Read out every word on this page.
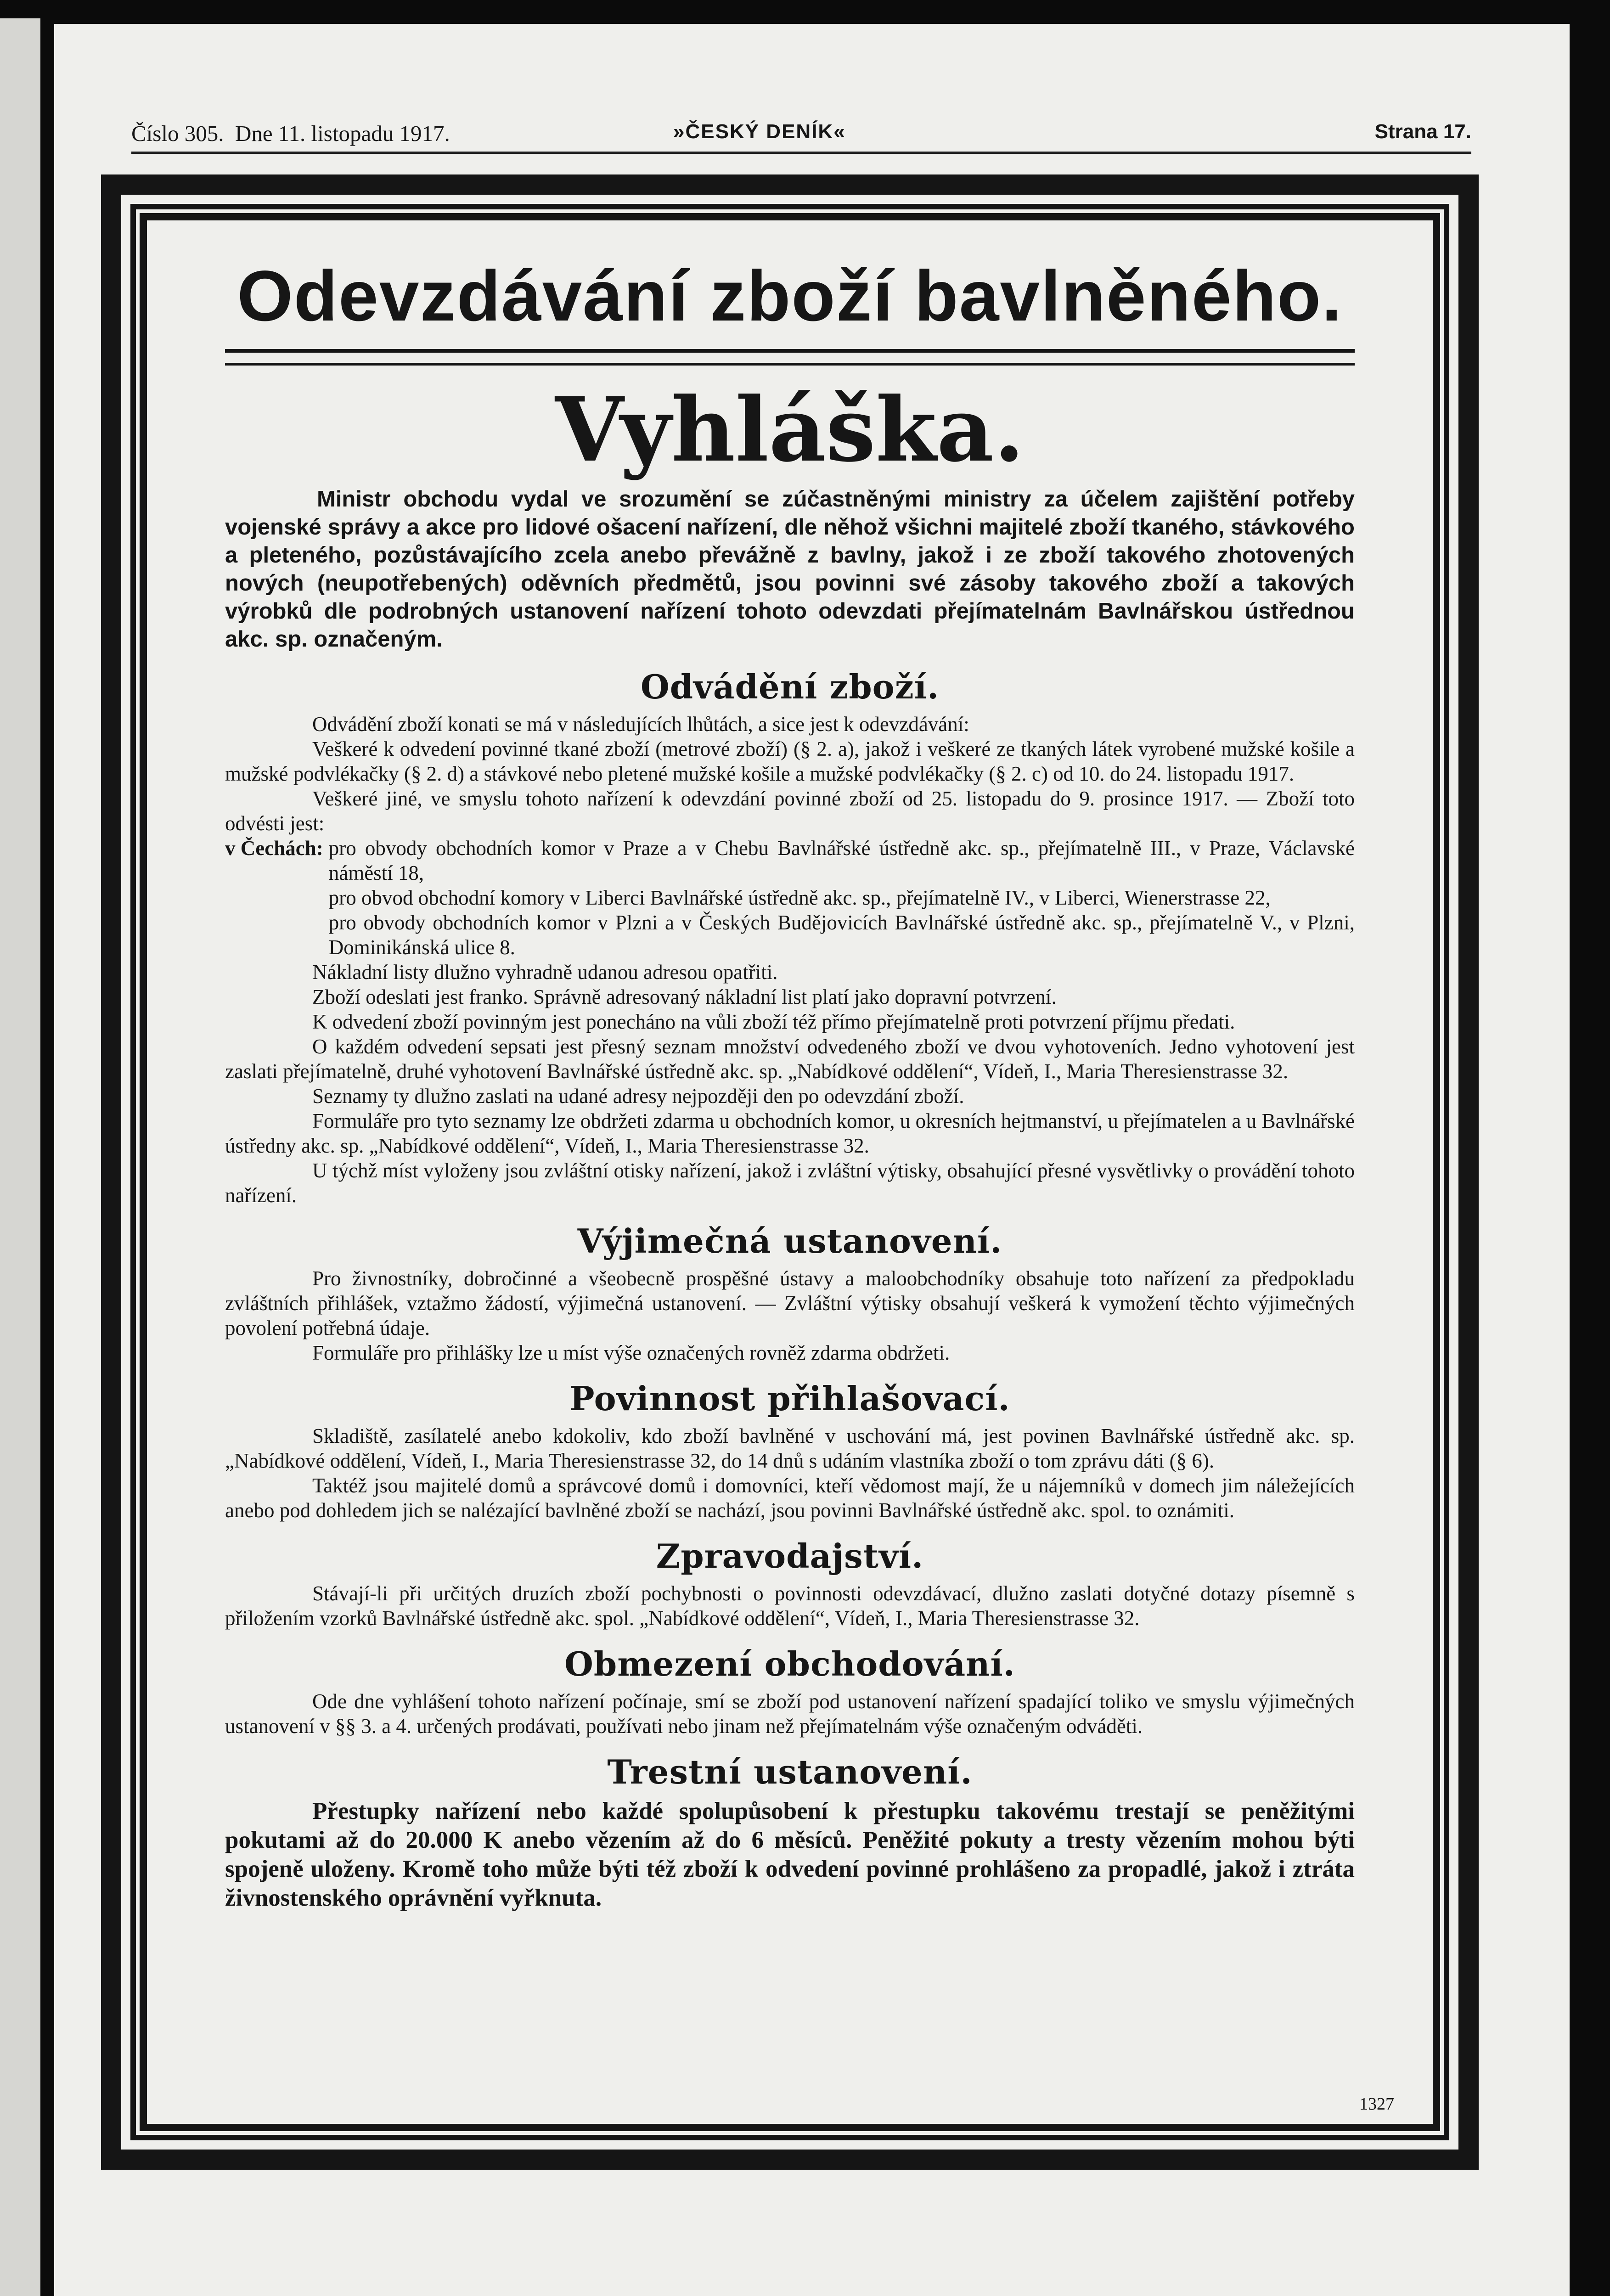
Číslo 305. Dne 11. listopadu 1917.	»ČESKÝ DENÍK«	Strana 17.
Odevzdávání zboží bavlněného.
Vyhláška.

Ministr obchodu vydal ve srozumění se zúčastněnými ministry za účelem zajištění potřeby vojenské správy a akce pro lidové ošacení nařízení, dle něhož všichni majitelé zboží tkaného, stávkového a pleteného, pozůstávajícího zcela anebo převážně z bavlny, jakož i ze zboží takového zhotovených nových (neupotřebených) oděvních předmětů, jsou povinni své zásoby takového zboží a takových výrobků dle podrobných ustanovení nařízení tohoto odevzdati přejímatelnám Bavlnářskou ústřednou akc. sp. označeným.

Odvádění zboží.

Odvádění zboží konati se má v následujících lhůtách, a sice jest k odevzdávání:

Veškeré k odvedení povinné tkané zboží (metrové zboží) (§ 2. a), jakož i veškeré ze tkaných látek vyrobené mužské košile a mužské podvlékačky (§ 2. d) a stávkové nebo pletené mužské košile a mužské podvlékačky (§ 2. c) od 10. do 24. listopadu 1917.

Veškeré jiné, ve smyslu tohoto nařízení k odevzdání povinné zboží od 25. listopadu do 9. prosince 1917. — Zboží toto odvésti jest:

v Čechách: pro obvody obchodních komor v Praze a v Chebu Bavlnářské ústředně akc. sp., přejímatelně III., v Praze, Václavské náměstí 18,

pro obvod obchodní komory v Liberci Bavlnářské ústředně akc. sp., přejímatelně IV., v Liberci, Wienerstrasse 22,

pro obvody obchodních komor v Plzni a v Českých Budějovicích Bavlnářské ústředně akc. sp., přejímatelně V., v Plzni, Dominikánská ulice 8.

Nákladní listy dlužno vyhradně udanou adresou opatřiti.

Zboží odeslati jest franko. Správně adresovaný nákladní list platí jako dopravní potvrzení.

K odvedení zboží povinným jest ponecháno na vůli zboží též přímo přejímatelně proti potvrzení příjmu předati.

O každém odvedení sepsati jest přesný seznam množství odvedeného zboží ve dvou vyhotoveních. Jedno vyhotovení jest zaslati přejímatelně, druhé vyhotovení Bavlnářské ústředně akc. sp. „Nabídkové oddělení“, Vídeň, I., Maria Theresienstrasse 32.

Seznamy ty dlužno zaslati na udané adresy nejpozději den po odevzdání zboží.

Formuláře pro tyto seznamy lze obdržeti zdarma u obchodních komor, u okresních hejtmanství, u přejímatelen a u Bavlnářské ústředny akc. sp. „Nabídkové oddělení“, Vídeň, I., Maria Theresienstrasse 32.

U týchž míst vyloženy jsou zvláštní otisky nařízení, jakož i zvláštní výtisky, obsahující přesné vysvětlivky o provádění tohoto nařízení.

Výjimečná ustanovení.

Pro živnostníky, dobročinné a všeobecně prospěšné ústavy a maloobchodníky obsahuje toto nařízení za předpokladu zvláštních přihlášek, vztažmo žádostí, výjimečná ustanovení. — Zvláštní výtisky obsahují veškerá k vymožení těchto výjimečných povolení potřebná údaje.

Formuláře pro přihlášky lze u míst výše označených rovněž zdarma obdržeti.

Povinnost přihlašovací.

Skladiště, zasílatelé anebo kdokoliv, kdo zboží bavlněné v uschování má, jest povinen Bavlnářské ústředně akc. sp. „Nabídkové oddělení, Vídeň, I., Maria Theresienstrasse 32, do 14 dnů s udáním vlastníka zboží o tom zprávu dáti (§ 6).

Taktéž jsou majitelé domů a správcové domů i domovníci, kteří vědomost mají, že u nájemníků v domech jim náležejících anebo pod dohledem jich se nalézající bavlněné zboží se nachází, jsou povinni Bavlnářské ústředně akc. spol. to oznámiti.

Zpravodajství.

Stávají-li při určitých druzích zboží pochybnosti o povinnosti odevzdávací, dlužno zaslati dotyčné dotazy písemně s přiložením vzorků Bavlnářské ústředně akc. spol. „Nabídkové oddělení“, Vídeň, I., Maria Theresienstrasse 32.

Obmezení obchodování.

Ode dne vyhlášení tohoto nařízení počínaje, smí se zboží pod ustanovení nařízení spadající toliko ve smyslu výjimečných ustanovení v §§ 3. a 4. určených prodávati, používati nebo jinam než přejímatelnám výše označeným odváděti.

Trestní ustanovení.

Přestupky nařízení nebo každé spolupůsobení k přestupku takovému trestají se peněžitými pokutami až do 20.000 K anebo vězením až do 6 měsíců. Peněžité pokuty a tresty vězením mohou býti spojeně uloženy. Kromě toho může býti též zboží k odvedení povinné prohlášeno za propadlé, jakož i ztráta živnostenského oprávnění vyřknuta.

1327
